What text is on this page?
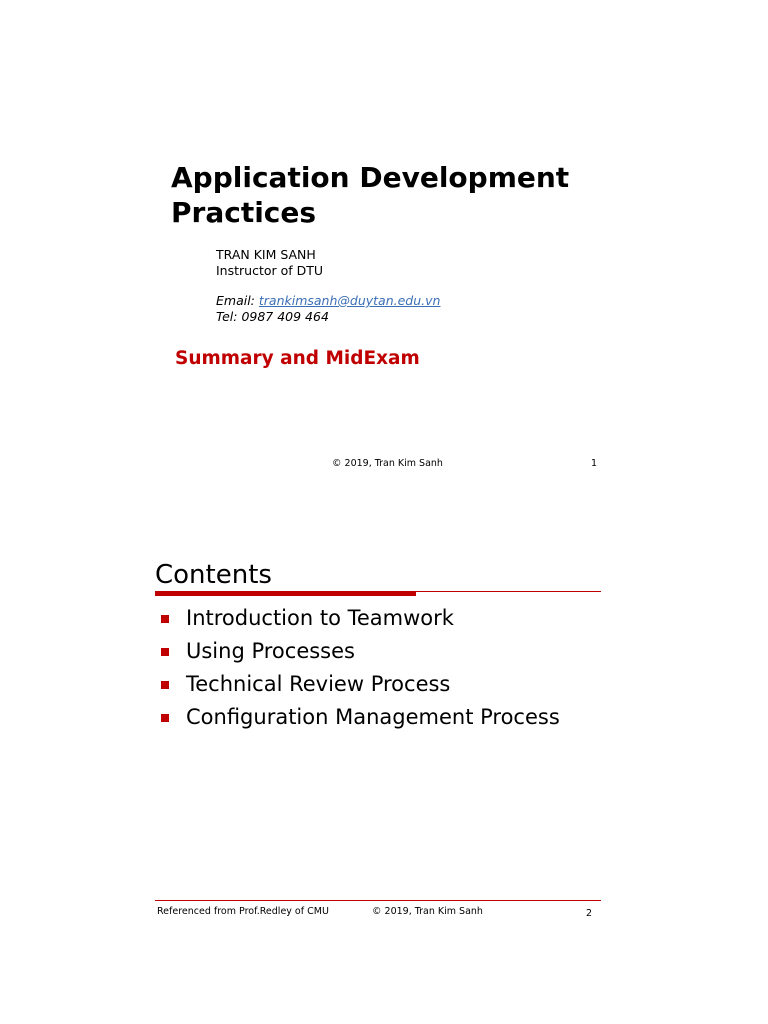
Application Development Practices
TRAN KIM SANH
Instructor of DTU
Email: trankimsanh@duytan.edu.vn
Tel: 0987 409 464
Summary and MidExam
© 2019, Tran Kim Sanh	1
Contents
Introduction to Teamwork
Using Processes
Technical Review Process
Configuration Management Process
Referenced from Prof.Redley of CMU	© 2019, Tran Kim Sanh	2
